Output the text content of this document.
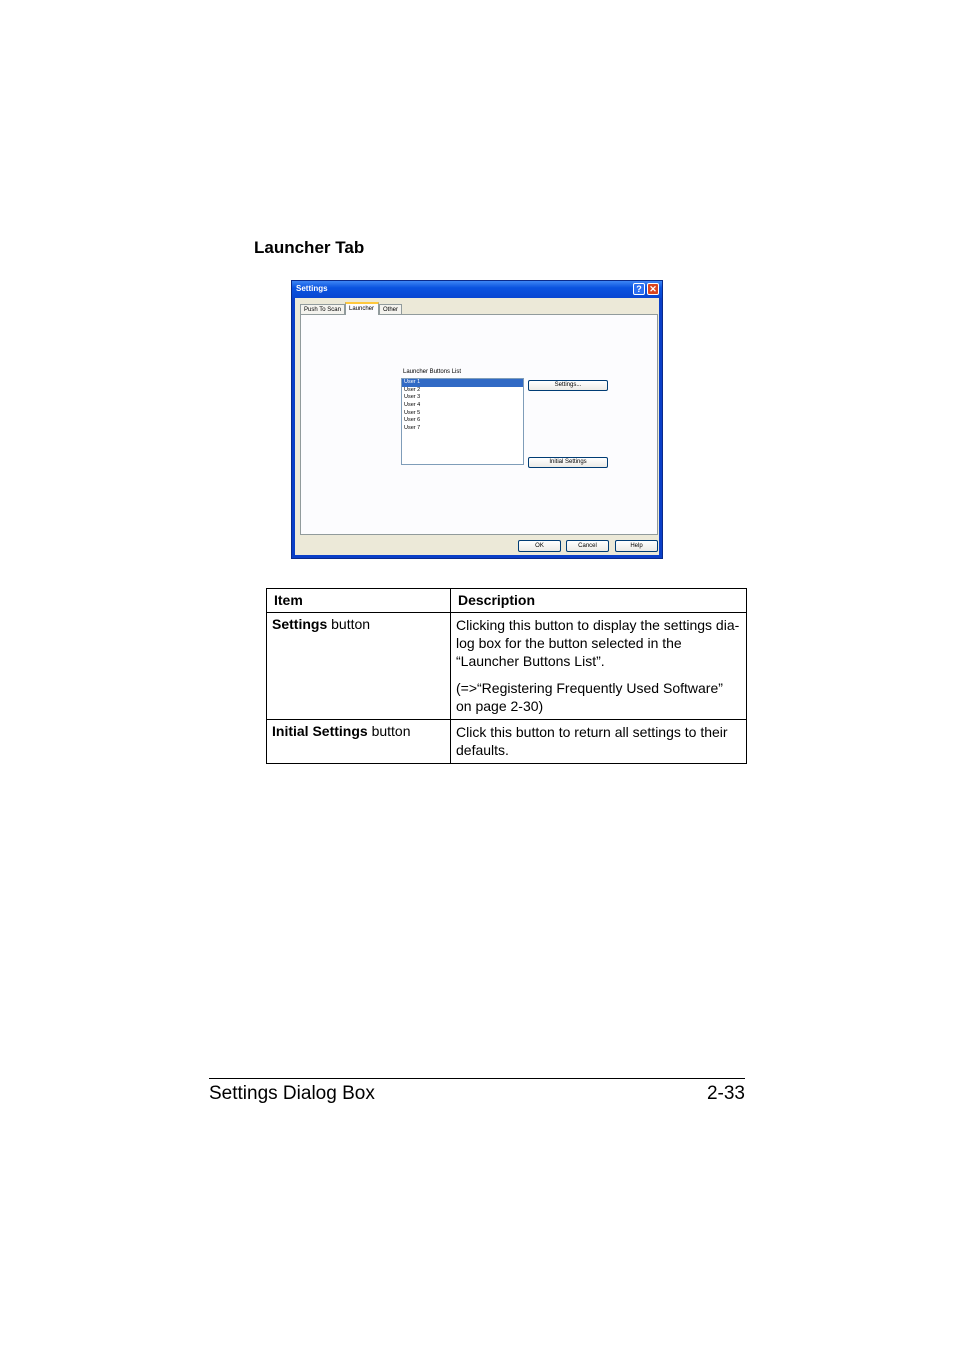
Launcher Tab
Settings	? ✕
Push To Scan	Launcher	Other
Launcher Buttons List
User 1
User 2
User 3
User 4
User 5
User 6
User 7
Settings...
Initial Settings
OK	Cancel	Help
Item	Description
Settings button	Clicking this button to display the settings dia-log box for the button selected in the “Launcher Buttons List”.
(=>“Registering Frequently Used Software” on page 2-30)

Initial Settings button	Click this button to return all settings to their defaults.
Settings Dialog Box	2-33
